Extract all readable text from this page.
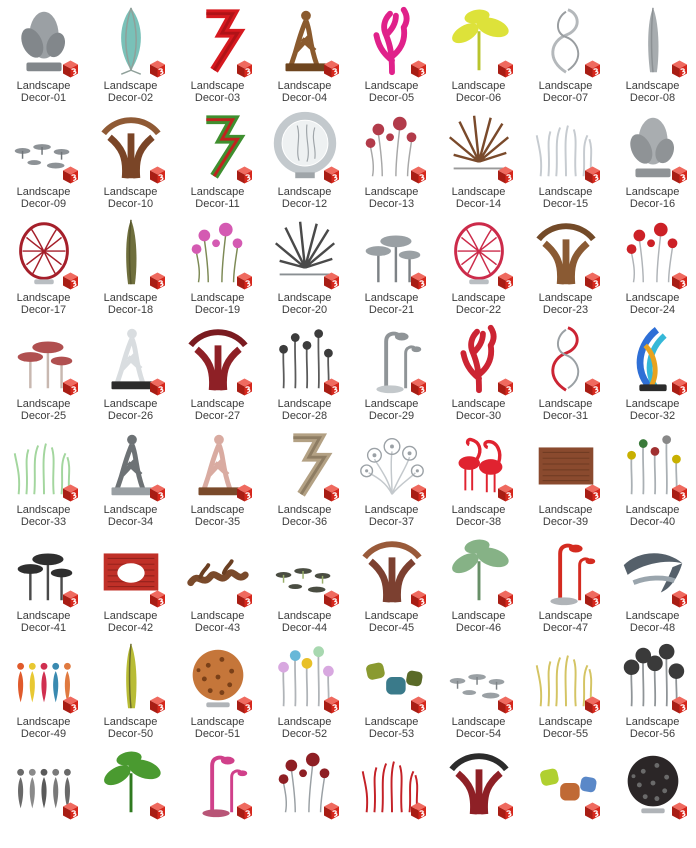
Landscape
Decor-01
Landscape
Decor-02
Landscape
Decor-03
Landscape
Decor-04
Landscape
Decor-05
Landscape
Decor-06
Landscape
Decor-07
Landscape
Decor-08
Landscape
Decor-09
Landscape
Decor-10
Landscape
Decor-11
Landscape
Decor-12
Landscape
Decor-13
Landscape
Decor-14
Landscape
Decor-15
Landscape
Decor-16
Landscape
Decor-17
Landscape
Decor-18
Landscape
Decor-19
Landscape
Decor-20
Landscape
Decor-21
Landscape
Decor-22
Landscape
Decor-23
Landscape
Decor-24
Landscape
Decor-25
Landscape
Decor-26
Landscape
Decor-27
Landscape
Decor-28
Landscape
Decor-29
Landscape
Decor-30
Landscape
Decor-31
Landscape
Decor-32
Landscape
Decor-33
Landscape
Decor-34
Landscape
Decor-35
Landscape
Decor-36
Landscape
Decor-37
Landscape
Decor-38
Landscape
Decor-39
Landscape
Decor-40
Landscape
Decor-41
Landscape
Decor-42
Landscape
Decor-43
Landscape
Decor-44
Landscape
Decor-45
Landscape
Decor-46
Landscape
Decor-47
Landscape
Decor-48
Landscape
Decor-49
Landscape
Decor-50
Landscape
Decor-51
Landscape
Decor-52
Landscape
Decor-53
Landscape
Decor-54
Landscape
Decor-55
Landscape
Decor-56
